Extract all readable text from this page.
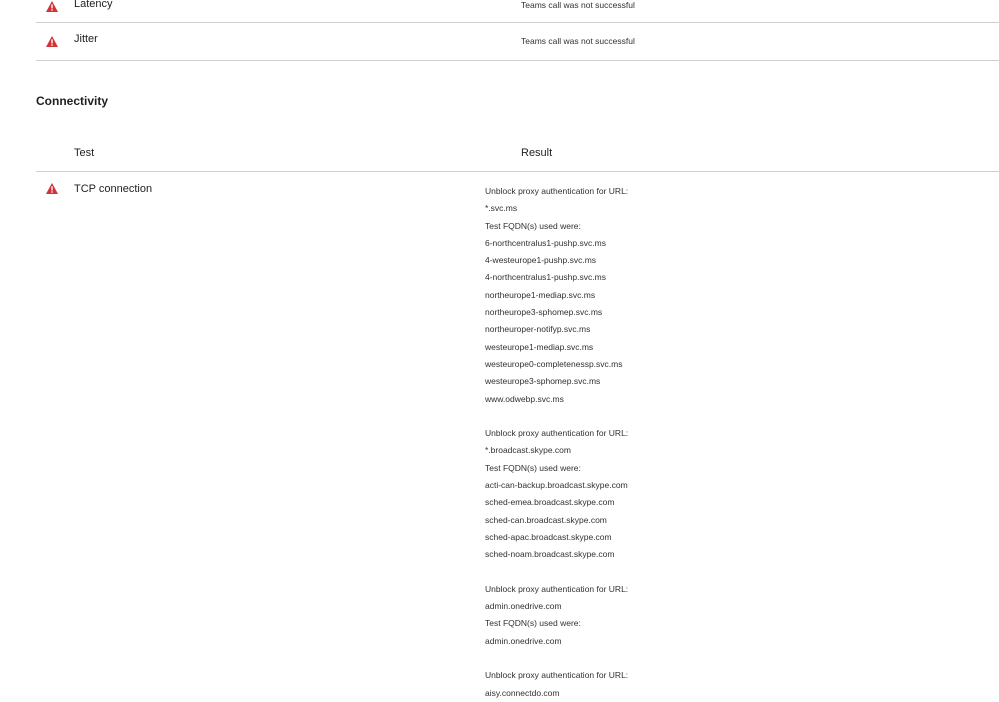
Latency	Teams call was not successful
Jitter	Teams call was not successful
Connectivity
Test	Result
TCP connection	Unblock proxy authentication for URL:
*.svc.ms
Test FQDN(s) used were:
6-northcentralus1-pushp.svc.ms
4-westeurope1-pushp.svc.ms
4-northcentralus1-pushp.svc.ms
northeurope1-mediap.svc.ms
northeurope3-sphomep.svc.ms
northeuroper-notifyp.svc.ms
westeurope1-mediap.svc.ms
westeurope0-completenessp.svc.ms
westeurope3-sphomep.svc.ms
www.odwebp.svc.ms
Unblock proxy authentication for URL:
*.broadcast.skype.com
Test FQDN(s) used were:
acti-can-backup.broadcast.skype.com
sched-emea.broadcast.skype.com
sched-can.broadcast.skype.com
sched-apac.broadcast.skype.com
sched-noam.broadcast.skype.com
Unblock proxy authentication for URL:
admin.onedrive.com
Test FQDN(s) used were:
admin.onedrive.com
Unblock proxy authentication for URL:
aisy.connectdo.com
